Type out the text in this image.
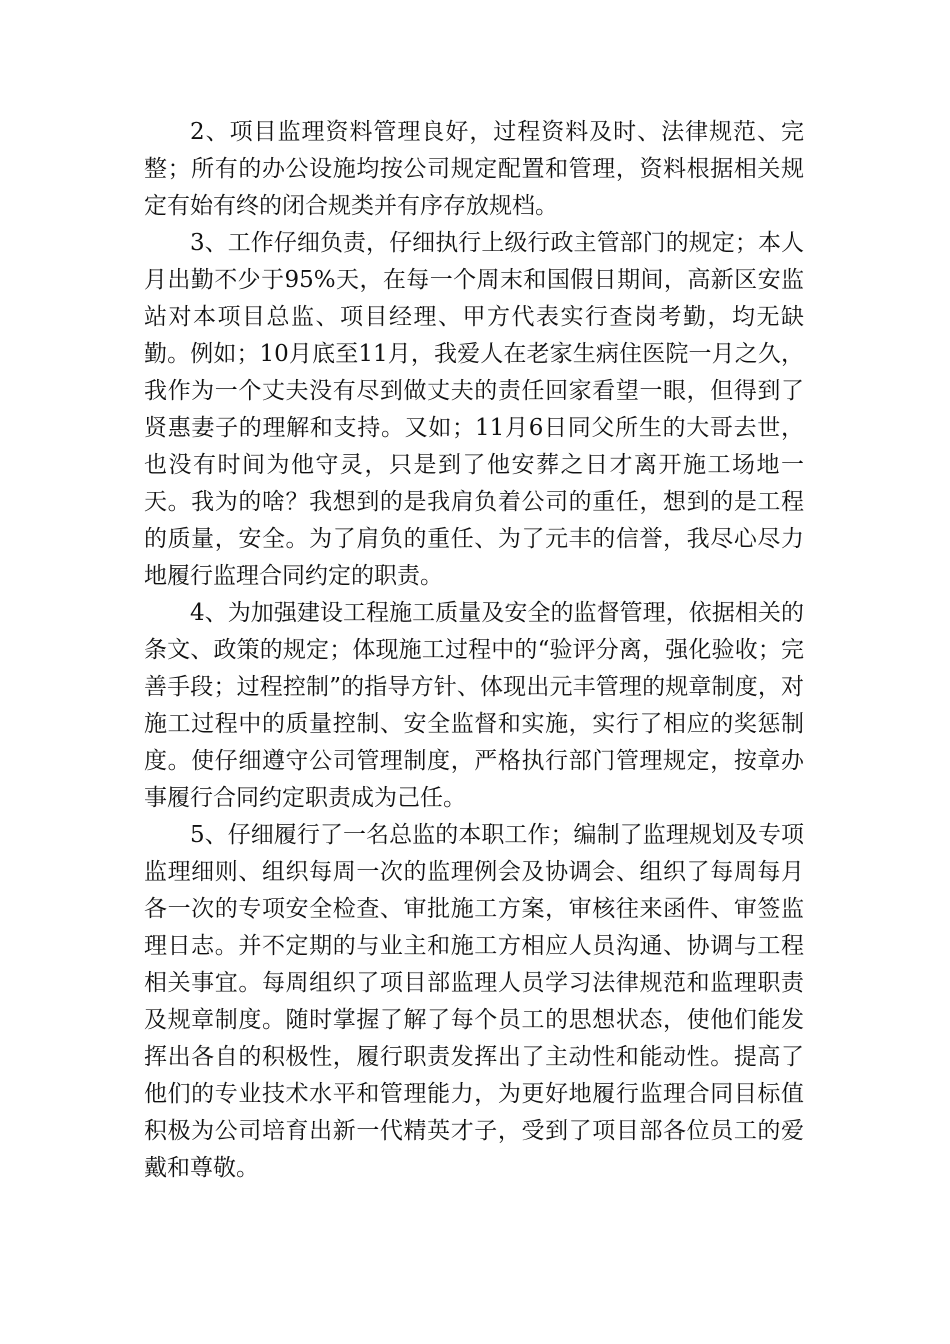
2、项目监理资料管理良好，过程资料及时、法律规范、完整；所有的办公设施均按公司规定配置和管理，资料根据相关规定有始有终的闭合规类并有序存放规档。

3、工作仔细负责，仔细执行上级行政主管部门的规定；本人月出勤不少于95%天，在每一个周末和国假日期间，高新区安监站对本项目总监、项目经理、甲方代表实行查岗考勤，均无缺勤。例如；10月底至11月，我爱人在老家生病住医院一月之久，我作为一个丈夫没有尽到做丈夫的责任回家看望一眼，但得到了贤惠妻子的理解和支持。又如；11月6日同父所生的大哥去世，也没有时间为他守灵，只是到了他安葬之日才离开施工场地一天。我为的啥？我想到的是我肩负着公司的重任，想到的是工程的质量，安全。为了肩负的重任、为了元丰的信誉，我尽心尽力地履行监理合同约定的职责。

4、为加强建设工程施工质量及安全的监督管理，依据相关的条文、政策的规定；体现施工过程中的“验评分离，强化验收；完善手段；过程控制”的指导方针、体现出元丰管理的规章制度，对施工过程中的质量控制、安全监督和实施，实行了相应的奖惩制度。使仔细遵守公司管理制度，严格执行部门管理规定，按章办事履行合同约定职责成为己任。

5、仔细履行了一名总监的本职工作；编制了监理规划及专项监理细则、组织每周一次的监理例会及协调会、组织了每周每月各一次的专项安全检查、审批施工方案，审核往来函件、审签监理日志。并不定期的与业主和施工方相应人员沟通、协调与工程相关事宜。每周组织了项目部监理人员学习法律规范和监理职责及规章制度。随时掌握了解了每个员工的思想状态，使他们能发挥出各自的积极性，履行职责发挥出了主动性和能动性。提高了他们的专业技术水平和管理能力，为更好地履行监理合同目标值积极为公司培育出新一代精英才子，受到了项目部各位员工的爱戴和尊敬。
